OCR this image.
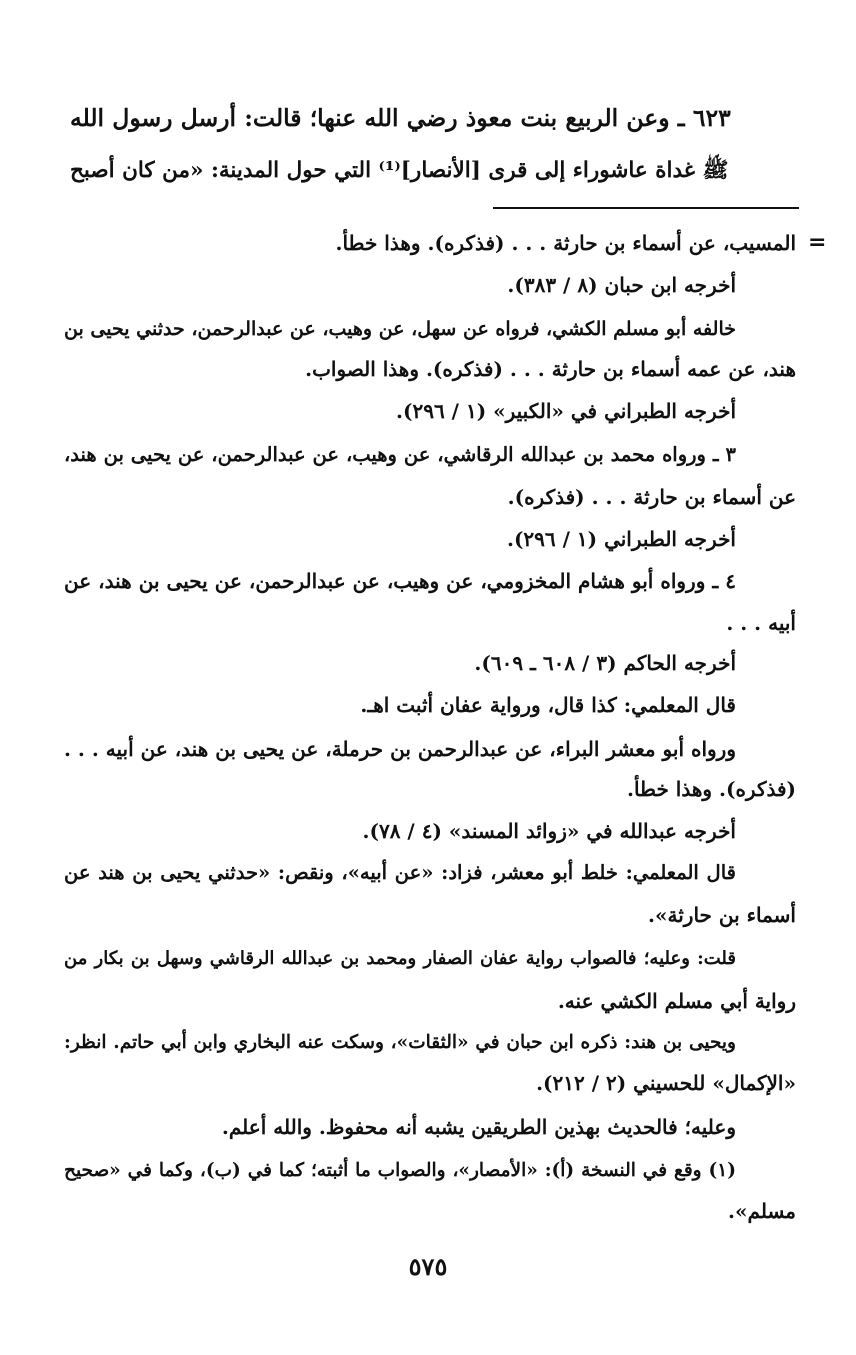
٦٢٣ ـ وعن الربيع بنت معوذ رضي الله عنها؛ قالت: أرسل رسول الله
ﷺ غداة عاشوراء إلى قرى [الأنصار]⁽¹⁾ التي حول المدينة: «من كان أصبح
=
المسيب، عن أسماء بن حارثة . . . (فذكره). وهذا خطأ.
أخرجه ابن حبان (٨ / ٣٨٣).
خالفه أبو مسلم الكشي، فرواه عن سهل، عن وهيب، عن عبدالرحمن، حدثني يحيى بن
هند، عن عمه أسماء بن حارثة . . . (فذكره). وهذا الصواب.
أخرجه الطبراني في «الكبير» (١ / ٢٩٦).
٣ ـ ورواه محمد بن عبدالله الرقاشي، عن وهيب، عن عبدالرحمن، عن يحيى بن هند،
عن أسماء بن حارثة . . . (فذكره).
أخرجه الطبراني (١ / ٢٩٦).
٤ ـ ورواه أبو هشام المخزومي، عن وهيب، عن عبدالرحمن، عن يحيى بن هند، عن
أبيه . . .
أخرجه الحاكم (٣ / ٦٠٨ ـ ٦٠٩).
قال المعلمي: كذا قال، ورواية عفان أثبت اهـ.
ورواه أبو معشر البراء، عن عبدالرحمن بن حرملة، عن يحيى بن هند، عن أبيه . . .
(فذكره). وهذا خطأ.
أخرجه عبدالله في «زوائد المسند» (٤ / ٧٨).
قال المعلمي: خلط أبو معشر، فزاد: «عن أبيه»، ونقص: «حدثني يحيى بن هند عن
أسماء بن حارثة».
قلت: وعليه؛ فالصواب رواية عفان الصفار ومحمد بن عبدالله الرقاشي وسهل بن بكار من
رواية أبي مسلم الكشي عنه.
ويحيى بن هند: ذكره ابن حبان في «الثقات»، وسكت عنه البخاري وابن أبي حاتم. انظر:
«الإكمال» للحسيني (٢ / ٢١٢).
وعليه؛ فالحديث بهذين الطريقين يشبه أنه محفوظ. والله أعلم.
(١) وقع في النسخة (أ): «الأمصار»، والصواب ما أثبته؛ كما في (ب)، وكما في «صحيح
مسلم».
٥٧٥
